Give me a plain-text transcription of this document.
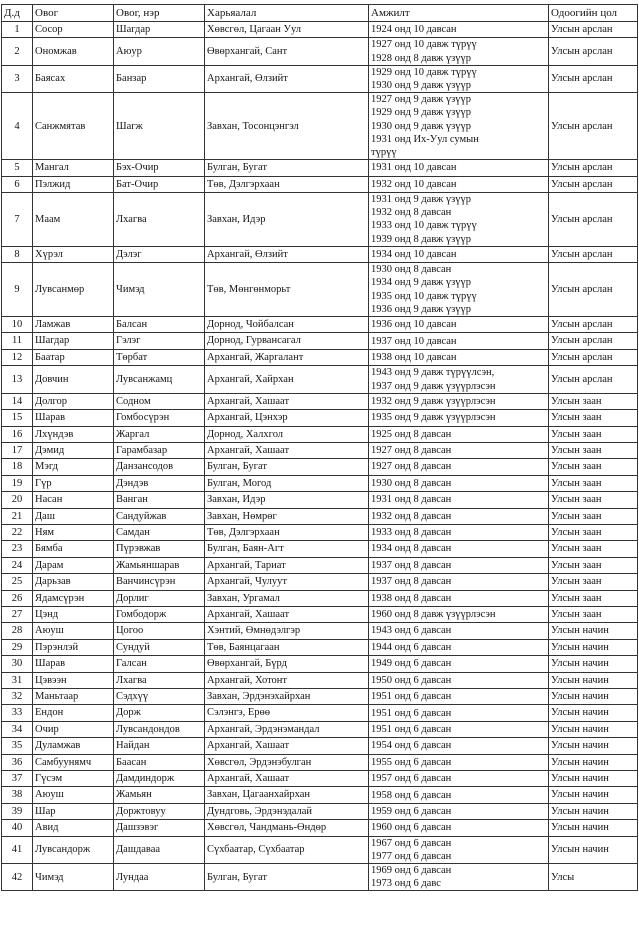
Д.д	Овог	Овог, нэр	Харьяалал	Амжилт	Одоогийн цол
1	Сосор	Шагдар	Хөвсгөл, Цагаан Уул	1924 онд 10 давсан	Улсын арслан
2	Ономжав	Аюур	Өвөрхангай, Сант	1927 онд 10 давж түрүү
1928 онд 8 давж үзүүр	Улсын арслан
3	Баясах	Банзар	Архангай, Өлзийт	1929 онд 10 давж түрүү
1930 онд 9 давж үзүүр	Улсын арслан
4	Санжмятав	Шагж	Завхан, Тосонцэнгэл	1927 онд 9 давж үзүүр
1929 онд 9 давж үзүүр
1930 онд 9 давж үзүүр
1931 онд Их-Уул сумын
түрүү	Улсын арслан
5	Мангал	Бэх-Очир	Булган, Бугат	1931 онд 10 давсан	Улсын арслан
6	Пэлжид	Бат-Очир	Төв, Дэлгэрхаан	1932 онд 10 давсан	Улсын арслан
7	Маам	Лхагва	Завхан, Идэр	1931 онд 9 давж үзүүр
1932 онд 8 давсан
1933 онд 10 давж түрүү
1939 онд 8 давж үзүүр	Улсын арслан
8	Хүрэл	Дэлэг	Архангай, Өлзийт	1934 онд 10 давсан	Улсын арслан
9	Лувсанмөр	Чимэд	Төв, Мөнгөнморьт	1930 онд 8 давсан
1934 онд 9 давж үзүүр
1935 онд 10 давж түрүү
1936 онд 9 давж үзүүр	Улсын арслан
10	Ламжав	Балсан	Дорнод, Чойбалсан	1936 онд 10 давсан	Улсын арслан
11	Шагдар	Гэлэг	Дорнод, Гурвансагал	1937 онд 10 давсан	Улсын арслан
12	Баатар	Төрбат	Архангай, Жаргалант	1938 онд 10 давсан	Улсын арслан
13	Довчин	Лувсанжамц	Архангай, Хайрхан	1943 онд 9 давж түрүүлсэн,
1937 онд 9 давж үзүүрлэсэн	Улсын арслан
14	Долгор	Содном	Архангай, Хашаат	1932 онд 9 давж үзүүрлэсэн	Улсын заан
15	Шарав	Гомбосүрэн	Архангай, Цэнхэр	1935 онд 9 давж үзүүрлэсэн	Улсын заан
16	Лхүндэв	Жаргал	Дорнод, Халхгол	1925 онд 8 давсан	Улсын заан
17	Дэмид	Гарамбазар	Архангай, Хашаат	1927 онд 8 давсан	Улсын заан
18	Мэгд	Данзансодов	Булган, Бугат	1927 онд 8 давсан	Улсын заан
19	Гүр	Дэндэв	Булган, Могод	1930 онд 8 давсан	Улсын заан
20	Насан	Ванган	Завхан, Идэр	1931 онд 8 давсан	Улсын заан
21	Даш	Сандуйжав	Завхан, Нөмрөг	1932 онд 8 давсан	Улсын заан
22	Ням	Самдан	Төв, Дэлгэрхаан	1933 онд 8 давсан	Улсын заан
23	Бямба	Пүрэвжав	Булган, Баян-Агт	1934 онд 8 давсан	Улсын заан
24	Дарам	Жамьяншарав	Архангай, Тариат	1937 онд 8 давсан	Улсын заан
25	Дарьзав	Ванчинсүрэн	Архангай, Чулуут	1937 онд 8 давсан	Улсын заан
26	Ядамсүрэн	Дорлиг	Завхан, Ургамал	1938 онд 8 давсан	Улсын заан
27	Цэнд	Гомбодорж	Архангай, Хашаат	1960 онд 8 давж үзүүрлэсэн	Улсын заан
28	Аюуш	Цогоо	Хэнтий, Өмнөдэлгэр	1943 онд 6 давсан	Улсын начин
29	Пэрэнлэй	Сундуй	Төв, Баянцагаан	1944 онд 6 давсан	Улсын начин
30	Шарав	Галсан	Өвөрхангай, Бүрд	1949 онд 6 давсан	Улсын начин
31	Цэвээн	Лхагва	Архангай, Хотонт	1950 онд 6 давсан	Улсын начин
32	Маньтаар	Сэдхүү	Завхан, Эрдэнэхайрхан	1951 онд 6 давсан	Улсын начин
33	Ендон	Дорж	Сэлэнгэ, Ерөө	1951 онд 6 давсан	Улсын начин
34	Очир	Лувсандондов	Архангай, Эрдэнэмандал	1951 онд 6 давсан	Улсын начин
35	Дуламжав	Найдан	Архангай, Хашаат	1954 онд 6 давсан	Улсын начин
36	Самбуунямч	Баасан	Хөвсгөл, Эрдэнэбулган	1955 онд 6 давсан	Улсын начин
37	Гүсэм	Дамдиндорж	Архангай, Хашаат	1957 онд 6 давсан	Улсын начин
38	Аюуш	Жамьян	Завхан, Цагаанхайрхан	1958 онд 6 давсан	Улсын начин
39	Шар	Доржтовуу	Дундговь, Эрдэнэдалай	1959 онд 6 давсан	Улсын начин
40	Авид	Дашзэвэг	Хөвсгөл, Чандмань-Өндөр	1960 онд 6 давсан	Улсын начин
41	Лувсандорж	Дашдаваа	Сүхбаатар, Сүхбаатар	1967 онд 6 давсан
1977 онд 6 давсан	Улсын начин
42	Чимэд	Лундаа	Булган, Бугат	1969 онд 6 давсан
1973 онд 6 давс	Улсы
